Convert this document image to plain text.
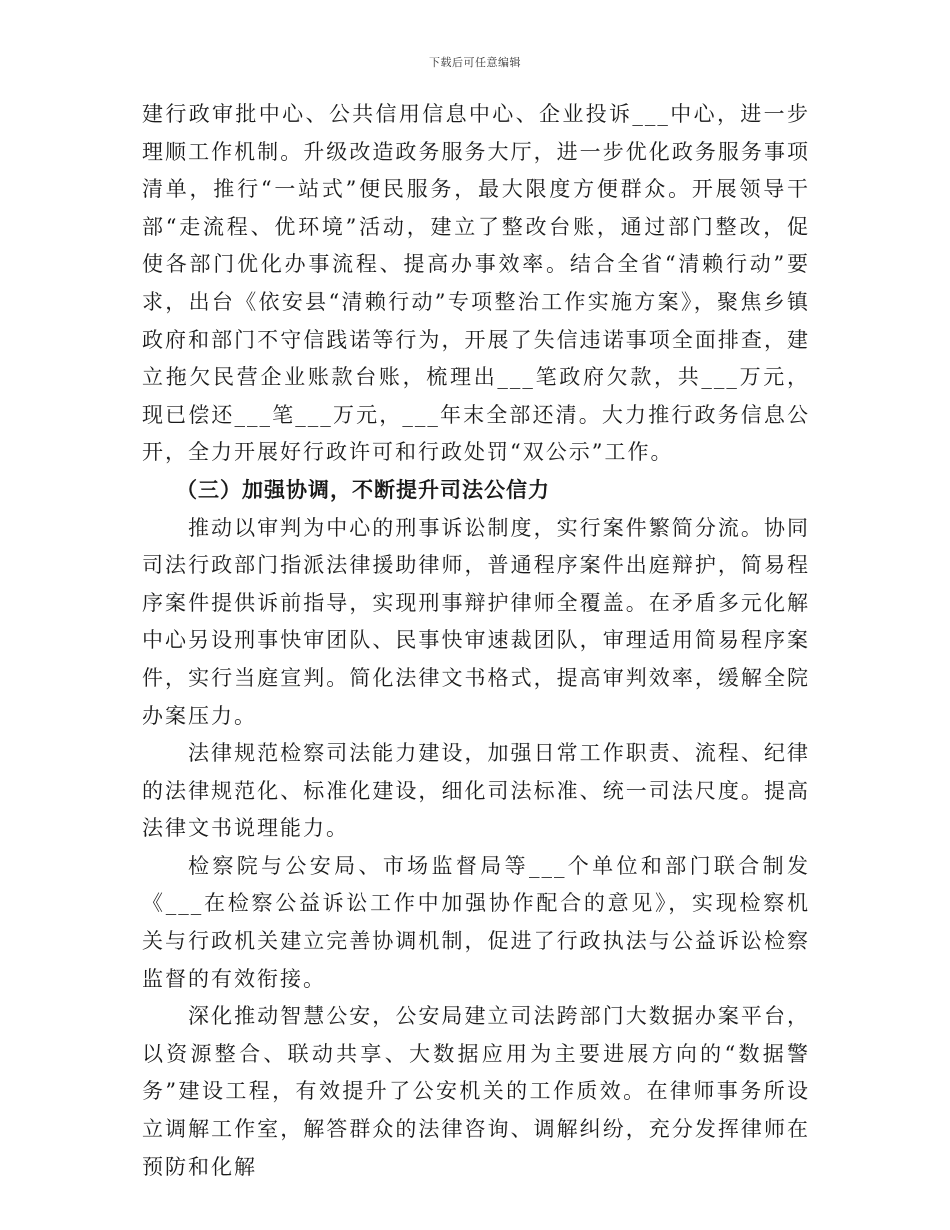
下载后可任意编辑

建行政审批中心、公共信用信息中心、企业投诉___中心，进一步理顺工作机制。升级改造政务服务大厅，进一步优化政务服务事项清单，推行“一站式”便民服务，最大限度方便群众。开展领导干部“走流程、优环境”活动，建立了整改台账，通过部门整改，促使各部门优化办事流程、提高办事效率。结合全省“清赖行动”要求，出台《依安县“清赖行动”专项整治工作实施方案》，聚焦乡镇政府和部门不守信践诺等行为，开展了失信违诺事项全面排查，建立拖欠民营企业账款台账，梳理出___笔政府欠款，共___万元，现已偿还___笔___万元，___年末全部还清。大力推行政务信息公开，全力开展好行政许可和行政处罚“双公示”工作。

（三）加强协调，不断提升司法公信力

推动以审判为中心的刑事诉讼制度，实行案件繁简分流。协同司法行政部门指派法律援助律师，普通程序案件出庭辩护，简易程序案件提供诉前指导，实现刑事辩护律师全覆盖。在矛盾多元化解中心另设刑事快审团队、民事快审速裁团队，审理适用简易程序案件，实行当庭宣判。简化法律文书格式，提高审判效率，缓解全院办案压力。

法律规范检察司法能力建设，加强日常工作职责、流程、纪律的法律规范化、标准化建设，细化司法标准、统一司法尺度。提高法律文书说理能力。

检察院与公安局、市场监督局等___个单位和部门联合制发《___在检察公益诉讼工作中加强协作配合的意见》，实现检察机关与行政机关建立完善协调机制，促进了行政执法与公益诉讼检察监督的有效衔接。

深化推动智慧公安，公安局建立司法跨部门大数据办案平台，以资源整合、联动共享、大数据应用为主要进展方向的“数据警务”建设工程，有效提升了公安机关的工作质效。在律师事务所设立调解工作室，解答群众的法律咨询、调解纠纷，充分发挥律师在预防和化解
